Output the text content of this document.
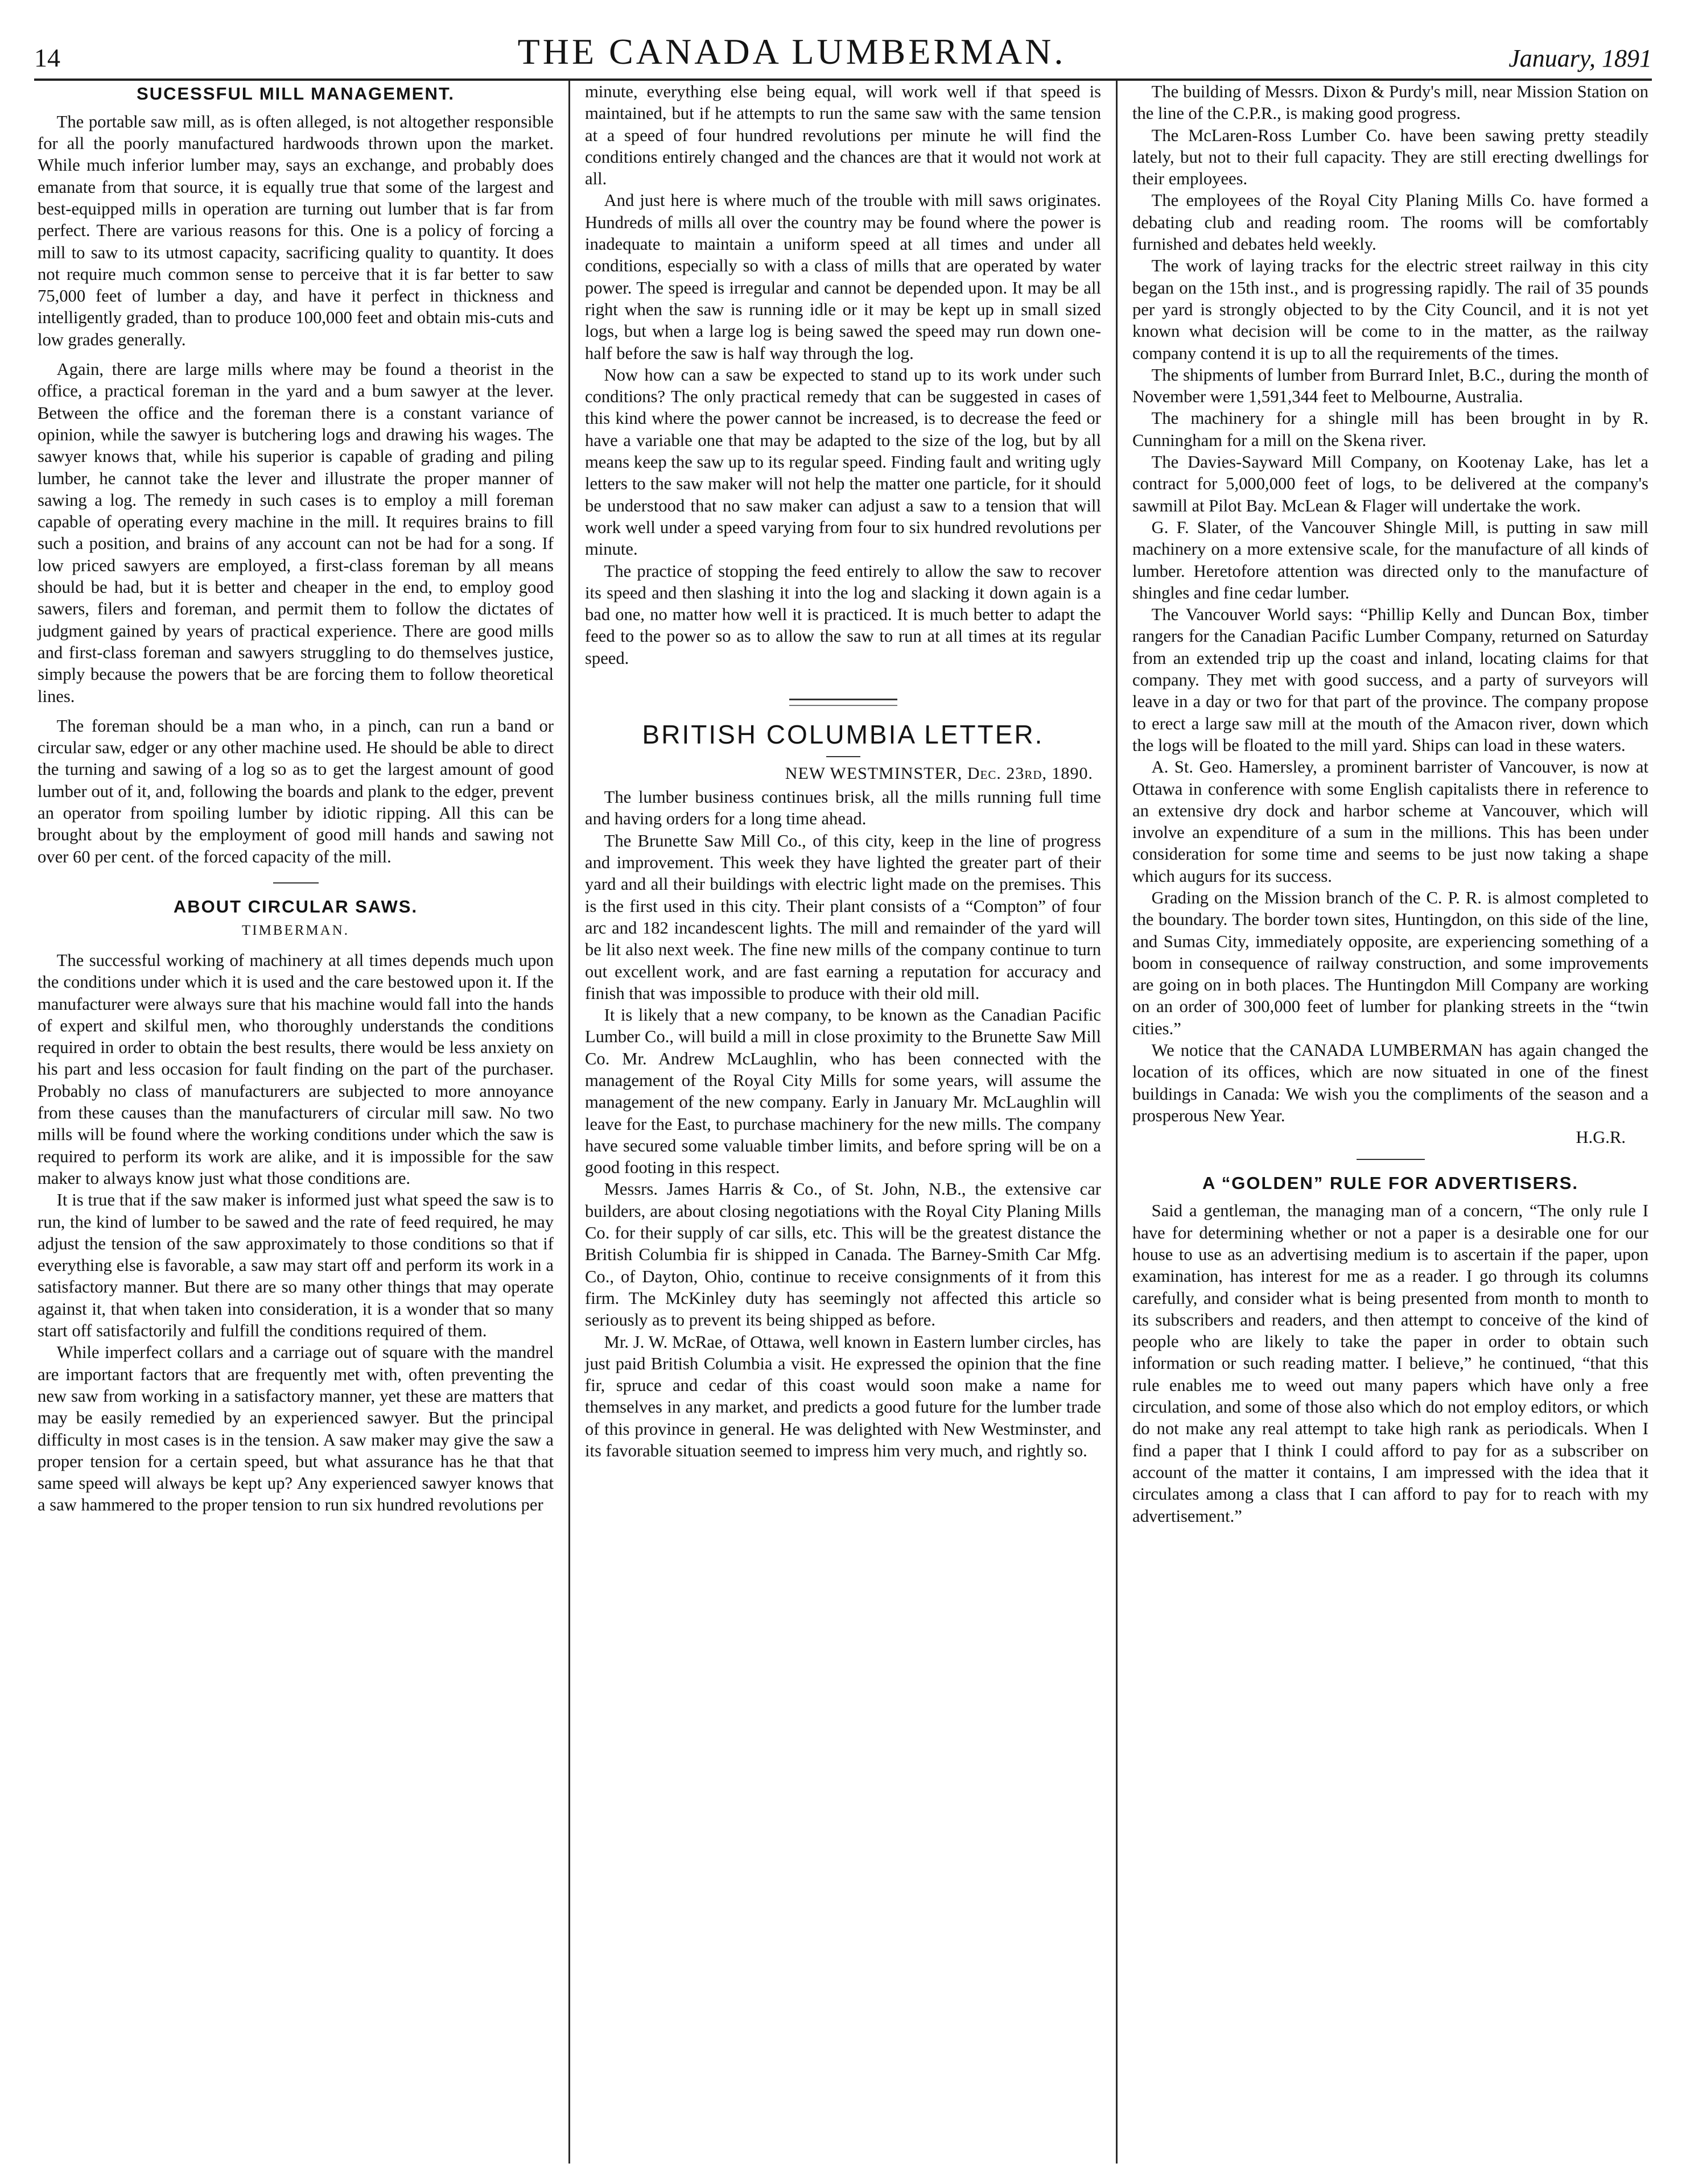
14	THE CANADA LUMBERMAN.	January, 1891
SUCESSFUL MILL MANAGEMENT.

The portable saw mill, as is often alleged, is not altogether responsible for all the poorly manufactured hardwoods thrown upon the market. While much inferior lumber may, says an exchange, and probably does emanate from that source, it is equally true that some of the largest and best-equipped mills in operation are turning out lumber that is far from perfect. There are various reasons for this. One is a policy of forcing a mill to saw to its utmost capacity, sacrificing quality to quantity. It does not require much common sense to perceive that it is far better to saw 75,000 feet of lumber a day, and have it perfect in thickness and intelligently graded, than to produce 100,000 feet and obtain mis-cuts and low grades generally.

Again, there are large mills where may be found a theorist in the office, a practical foreman in the yard and a bum sawyer at the lever. Between the office and the foreman there is a constant variance of opinion, while the sawyer is butchering logs and drawing his wages. The sawyer knows that, while his superior is capable of grading and piling lumber, he cannot take the lever and illustrate the proper manner of sawing a log. The remedy in such cases is to employ a mill foreman capable of operating every machine in the mill. It requires brains to fill such a position, and brains of any account can not be had for a song. If low priced sawyers are employed, a first-class foreman by all means should be had, but it is better and cheaper in the end, to employ good sawers, filers and foreman, and permit them to follow the dictates of judgment gained by years of practical experience. There are good mills and first-class foreman and sawyers struggling to do themselves justice, simply because the powers that be are forcing them to follow theoretical lines.

The foreman should be a man who, in a pinch, can run a band or circular saw, edger or any other machine used. He should be able to direct the turning and sawing of a log so as to get the largest amount of good lumber out of it, and, following the boards and plank to the edger, prevent an operator from spoiling lumber by idiotic ripping. All this can be brought about by the employment of good mill hands and sawing not over 60 per cent. of the forced capacity of the mill.

ABOUT CIRCULAR SAWS.
TIMBERMAN.

The successful working of machinery at all times depends much upon the conditions under which it is used and the care bestowed upon it. If the manufacturer were always sure that his machine would fall into the hands of expert and skilful men, who thoroughly understands the conditions required in order to obtain the best results, there would be less anxiety on his part and less occasion for fault finding on the part of the purchaser. Probably no class of manufacturers are subjected to more annoyance from these causes than the manufacturers of circular mill saw. No two mills will be found where the working conditions under which the saw is required to perform its work are alike, and it is impossible for the saw maker to always know just what those conditions are.

It is true that if the saw maker is informed just what speed the saw is to run, the kind of lumber to be sawed and the rate of feed required, he may adjust the tension of the saw approximately to those conditions so that if everything else is favorable, a saw may start off and perform its work in a satisfactory manner. But there are so many other things that may operate against it, that when taken into consideration, it is a wonder that so many start off satisfactorily and fulfill the conditions required of them.

While imperfect collars and a carriage out of square with the mandrel are important factors that are frequently met with, often preventing the new saw from working in a satisfactory manner, yet these are matters that may be easily remedied by an experienced sawyer. But the principal difficulty in most cases is in the tension. A saw maker may give the saw a proper tension for a certain speed, but what assurance has he that that same speed will always be kept up? Any experienced sawyer knows that a saw hammered to the proper tension to run six hundred revolutions per

minute, everything else being equal, will work well if that speed is maintained, but if he attempts to run the same saw with the same tension at a speed of four hundred revolutions per minute he will find the conditions entirely changed and the chances are that it would not work at all.

And just here is where much of the trouble with mill saws originates. Hundreds of mills all over the country may be found where the power is inadequate to maintain a uniform speed at all times and under all conditions, especially so with a class of mills that are operated by water power. The speed is irregular and cannot be depended upon. It may be all right when the saw is running idle or it may be kept up in small sized logs, but when a large log is being sawed the speed may run down one-half before the saw is half way through the log.

Now how can a saw be expected to stand up to its work under such conditions? The only practical remedy that can be suggested in cases of this kind where the power cannot be increased, is to decrease the feed or have a variable one that may be adapted to the size of the log, but by all means keep the saw up to its regular speed. Finding fault and writing ugly letters to the saw maker will not help the matter one particle, for it should be understood that no saw maker can adjust a saw to a tension that will work well under a speed varying from four to six hundred revolutions per minute.

The practice of stopping the feed entirely to allow the saw to recover its speed and then slashing it into the log and slacking it down again is a bad one, no matter how well it is practiced. It is much better to adapt the feed to the power so as to allow the saw to run at all times at its regular speed.

BRITISH COLUMBIA LETTER.
NEW WESTMINSTER, Dec. 23rd, 1890.

The lumber business continues brisk, all the mills running full time and having orders for a long time ahead.

The Brunette Saw Mill Co., of this city, keep in the line of progress and improvement. This week they have lighted the greater part of their yard and all their buildings with electric light made on the premises. This is the first used in this city. Their plant consists of a “Compton” of four arc and 182 incandescent lights. The mill and remainder of the yard will be lit also next week. The fine new mills of the company continue to turn out excellent work, and are fast earning a reputation for accuracy and finish that was impossible to produce with their old mill.

It is likely that a new company, to be known as the Canadian Pacific Lumber Co., will build a mill in close proximity to the Brunette Saw Mill Co. Mr. Andrew McLaughlin, who has been connected with the management of the Royal City Mills for some years, will assume the management of the new company. Early in January Mr. McLaughlin will leave for the East, to purchase machinery for the new mills. The company have secured some valuable timber limits, and before spring will be on a good footing in this respect.

Messrs. James Harris & Co., of St. John, N.B., the extensive car builders, are about closing negotiations with the Royal City Planing Mills Co. for their supply of car sills, etc. This will be the greatest distance the British Columbia fir is shipped in Canada. The Barney-Smith Car Mfg. Co., of Dayton, Ohio, continue to receive consignments of it from this firm. The McKinley duty has seemingly not affected this article so seriously as to prevent its being shipped as before.

Mr. J. W. McRae, of Ottawa, well known in Eastern lumber circles, has just paid British Columbia a visit. He expressed the opinion that the fine fir, spruce and cedar of this coast would soon make a name for themselves in any market, and predicts a good future for the lumber trade of this province in general. He was delighted with New Westminster, and its favorable situation seemed to impress him very much, and rightly so.

The building of Messrs. Dixon & Purdy's mill, near Mission Station on the line of the C.P.R., is making good progress.

The McLaren-Ross Lumber Co. have been sawing pretty steadily lately, but not to their full capacity. They are still erecting dwellings for their employees.

The employees of the Royal City Planing Mills Co. have formed a debating club and reading room. The rooms will be comfortably furnished and debates held weekly.

The work of laying tracks for the electric street railway in this city began on the 15th inst., and is progressing rapidly. The rail of 35 pounds per yard is strongly objected to by the City Council, and it is not yet known what decision will be come to in the matter, as the railway company contend it is up to all the requirements of the times.

The shipments of lumber from Burrard Inlet, B.C., during the month of November were 1,591,344 feet to Melbourne, Australia.

The machinery for a shingle mill has been brought in by R. Cunningham for a mill on the Skena river.

The Davies-Sayward Mill Company, on Kootenay Lake, has let a contract for 5,000,000 feet of logs, to be delivered at the company's sawmill at Pilot Bay. McLean & Flager will undertake the work.

G. F. Slater, of the Vancouver Shingle Mill, is putting in saw mill machinery on a more extensive scale, for the manufacture of all kinds of lumber. Heretofore attention was directed only to the manufacture of shingles and fine cedar lumber.

The Vancouver World says: “Phillip Kelly and Duncan Box, timber rangers for the Canadian Pacific Lumber Company, returned on Saturday from an extended trip up the coast and inland, locating claims for that company. They met with good success, and a party of surveyors will leave in a day or two for that part of the province. The company propose to erect a large saw mill at the mouth of the Amacon river, down which the logs will be floated to the mill yard. Ships can load in these waters.

A. St. Geo. Hamersley, a prominent barrister of Vancouver, is now at Ottawa in conference with some English capitalists there in reference to an extensive dry dock and harbor scheme at Vancouver, which will involve an expenditure of a sum in the millions. This has been under consideration for some time and seems to be just now taking a shape which augurs for its success.

Grading on the Mission branch of the C. P. R. is almost completed to the boundary. The border town sites, Huntingdon, on this side of the line, and Sumas City, immediately opposite, are experiencing something of a boom in consequence of railway construction, and some improvements are going on in both places. The Huntingdon Mill Company are working on an order of 300,000 feet of lumber for planking streets in the “twin cities.”

We notice that the CANADA LUMBERMAN has again changed the location of its offices, which are now situated in one of the finest buildings in Canada: We wish you the compliments of the season and a prosperous New Year.

H.G.R.

A “GOLDEN” RULE FOR ADVERTISERS.

Said a gentleman, the managing man of a concern, “The only rule I have for determining whether or not a paper is a desirable one for our house to use as an advertising medium is to ascertain if the paper, upon examination, has interest for me as a reader. I go through its columns carefully, and consider what is being presented from month to month to its subscribers and readers, and then attempt to conceive of the kind of people who are likely to take the paper in order to obtain such information or such reading matter. I believe,” he continued, “that this rule enables me to weed out many papers which have only a free circulation, and some of those also which do not employ editors, or which do not make any real attempt to take high rank as periodicals. When I find a paper that I think I could afford to pay for as a subscriber on account of the matter it contains, I am impressed with the idea that it circulates among a class that I can afford to pay for to reach with my advertisement.”
